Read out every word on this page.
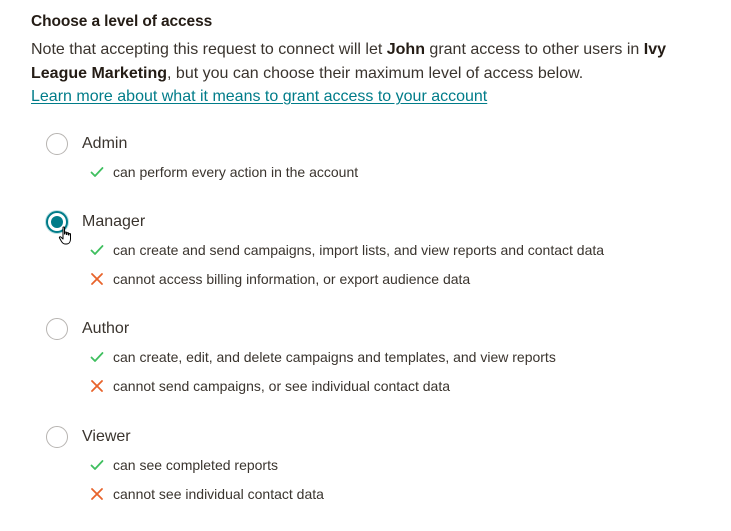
Choose a level of access
Note that accepting this request to connect will let John grant access to other users in Ivy League Marketing, but you can choose their maximum level of access below.
Learn more about what it means to grant access to your account
Admin
can perform every action in the account
Manager
can create and send campaigns, import lists, and view reports and contact data
cannot access billing information, or export audience data
Author
can create, edit, and delete campaigns and templates, and view reports
cannot send campaigns, or see individual contact data
Viewer
can see completed reports
cannot see individual contact data
